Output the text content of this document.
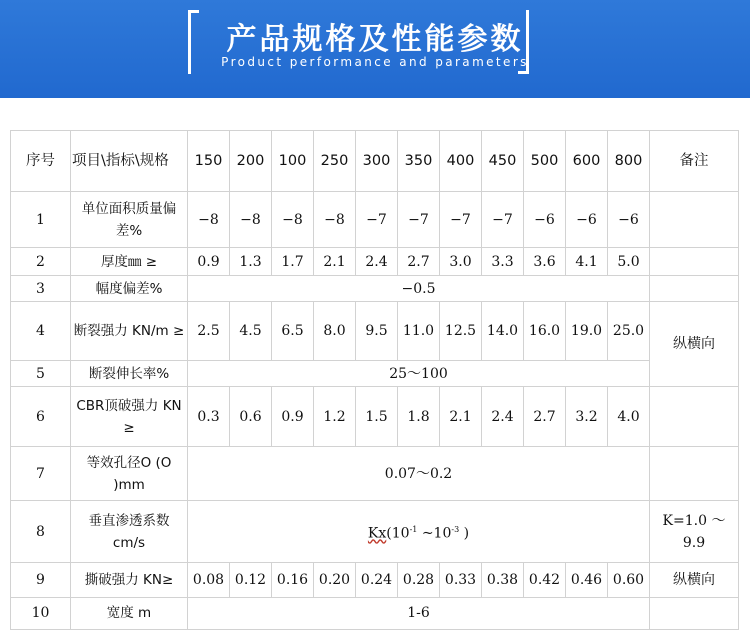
产品规格及性能参数
Product performance and parameters
序号	项目\指标\规格	150	200	100	250	300	350	400	450	500	600	800	备注
1	单位面积质量偏差%	−8	−8	−8	−8	−7	−7	−7	−7	−6	−6	−6	
2	厚度㎜ ≥	0.9	1.3	1.7	2.1	2.4	2.7	3.0	3.3	3.6	4.1	5.0	
3	幅度偏差%	−0.5											
4	断裂强力 KN/m ≥	2.5	4.5	6.5	8.0	9.5	11.0	12.5	14.0	16.0	19.0	25.0	纵横向
5	断裂伸长率%	25～100											
6	CBR顶破强力 KN ≥	0.3	0.6	0.9	1.2	1.5	1.8	2.1	2.4	2.7	3.2	4.0	
7	等效孔径O (O )mm	0.07～0.2											
8	垂直渗透系数 cm/s	$Kx(10^{-1}$ $\sim 10^{-3}$ )											K=1.0 ～ 9.9
9	撕破强力 KN≥	0.08	0.12	0.16	0.20	0.24	0.28	0.33	0.38	0.42	0.46	0.60	纵横向
10	宽度 m	1-6											
